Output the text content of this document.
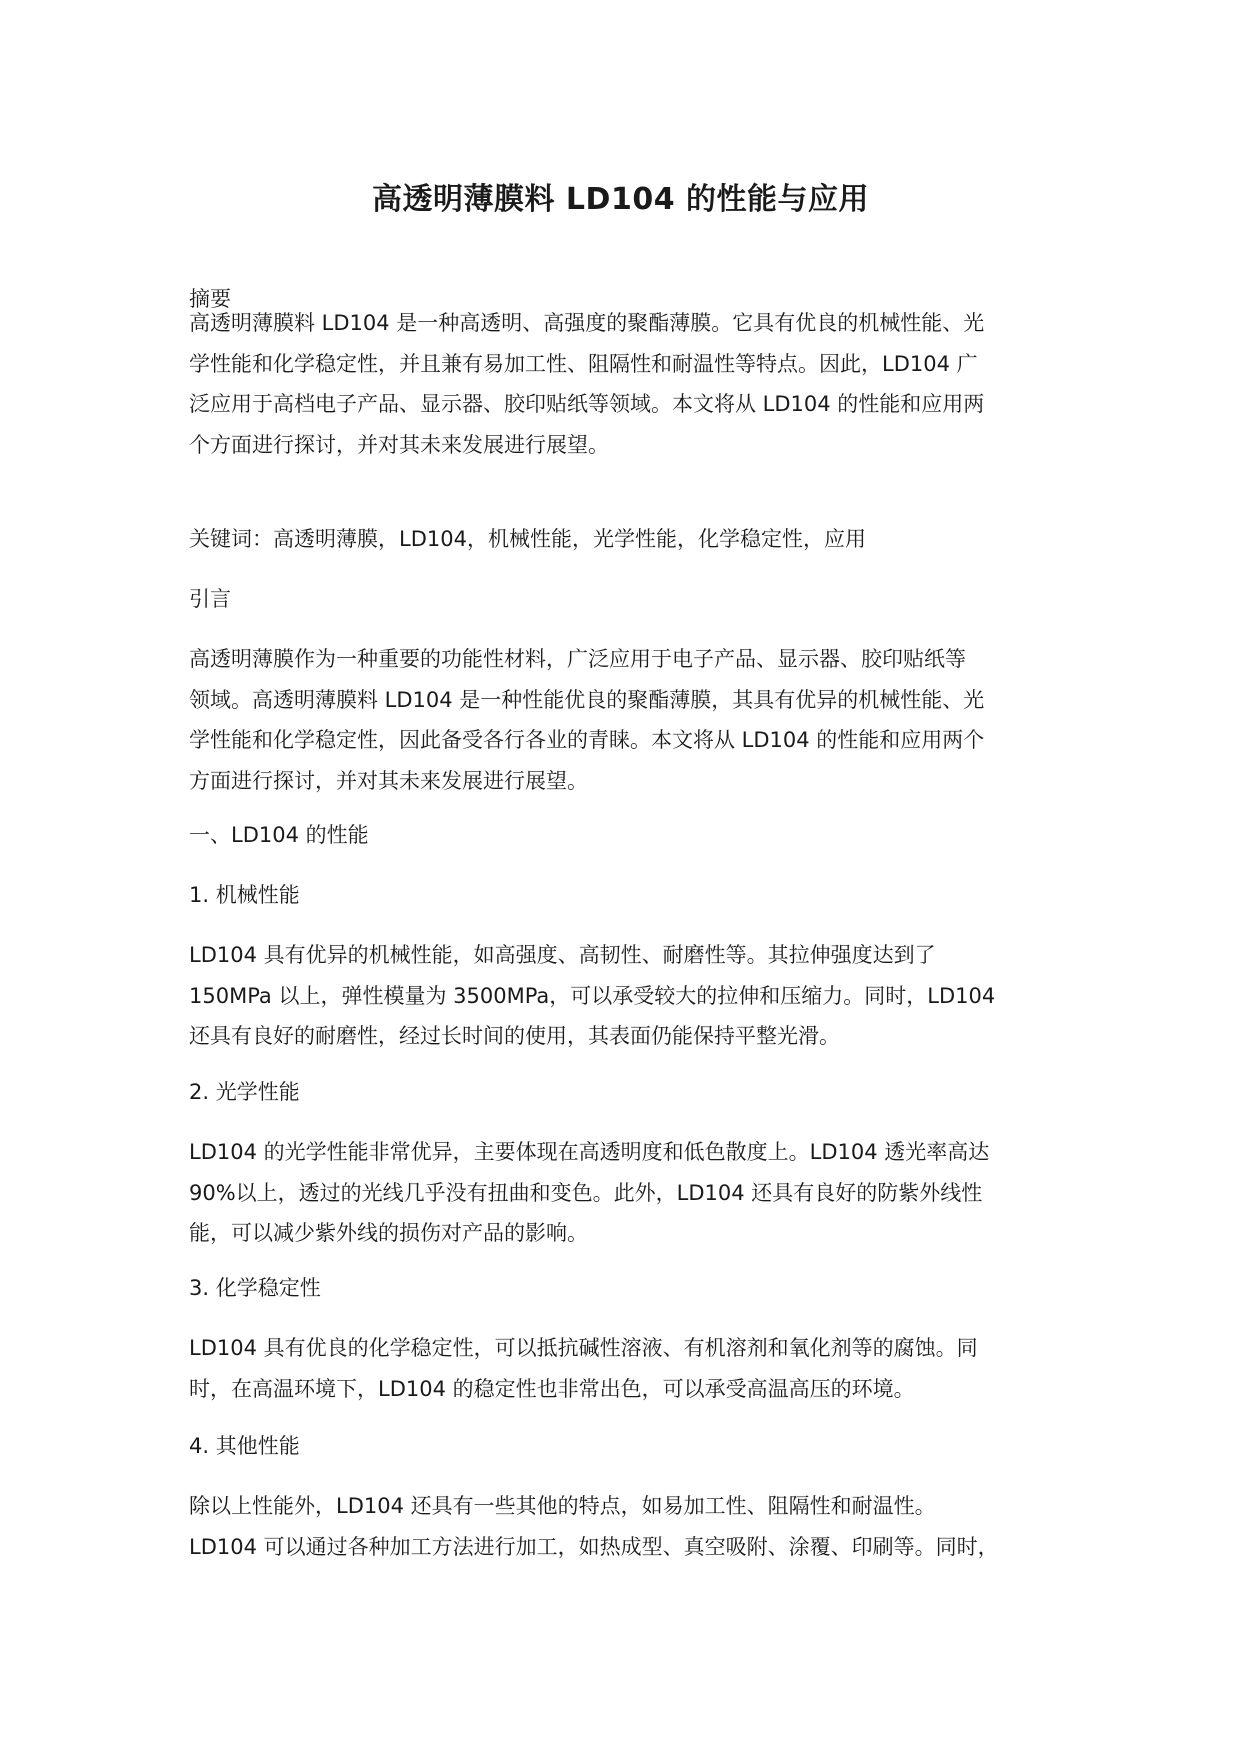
高透明薄膜料 LD104 的性能与应用

摘要

高透明薄膜料 LD104 是一种高透明、高强度的聚酯薄膜。它具有优良的机械性能、光
学性能和化学稳定性，并且兼有易加工性、阻隔性和耐温性等特点。因此，LD104 广
泛应用于高档电子产品、显示器、胶印贴纸等领域。本文将从 LD104 的性能和应用两
个方面进行探讨，并对其未来发展进行展望。

关键词：高透明薄膜，LD104，机械性能，光学性能，化学稳定性，应用

引言

高透明薄膜作为一种重要的功能性材料，广泛应用于电子产品、显示器、胶印贴纸等
领域。高透明薄膜料 LD104 是一种性能优良的聚酯薄膜，其具有优异的机械性能、光
学性能和化学稳定性，因此备受各行各业的青睐。本文将从 LD104 的性能和应用两个
方面进行探讨，并对其未来发展进行展望。

一、LD104 的性能

1. 机械性能

LD104 具有优异的机械性能，如高强度、高韧性、耐磨性等。其拉伸强度达到了
150MPa 以上，弹性模量为 3500MPa，可以承受较大的拉伸和压缩力。同时，LD104
还具有良好的耐磨性，经过长时间的使用，其表面仍能保持平整光滑。

2. 光学性能

LD104 的光学性能非常优异，主要体现在高透明度和低色散度上。LD104 透光率高达
90%以上，透过的光线几乎没有扭曲和变色。此外，LD104 还具有良好的防紫外线性
能，可以减少紫外线的损伤对产品的影响。

3. 化学稳定性

LD104 具有优良的化学稳定性，可以抵抗碱性溶液、有机溶剂和氧化剂等的腐蚀。同
时，在高温环境下，LD104 的稳定性也非常出色，可以承受高温高压的环境。

4. 其他性能

除以上性能外，LD104 还具有一些其他的特点，如易加工性、阻隔性和耐温性。
LD104 可以通过各种加工方法进行加工，如热成型、真空吸附、涂覆、印刷等。同时，
